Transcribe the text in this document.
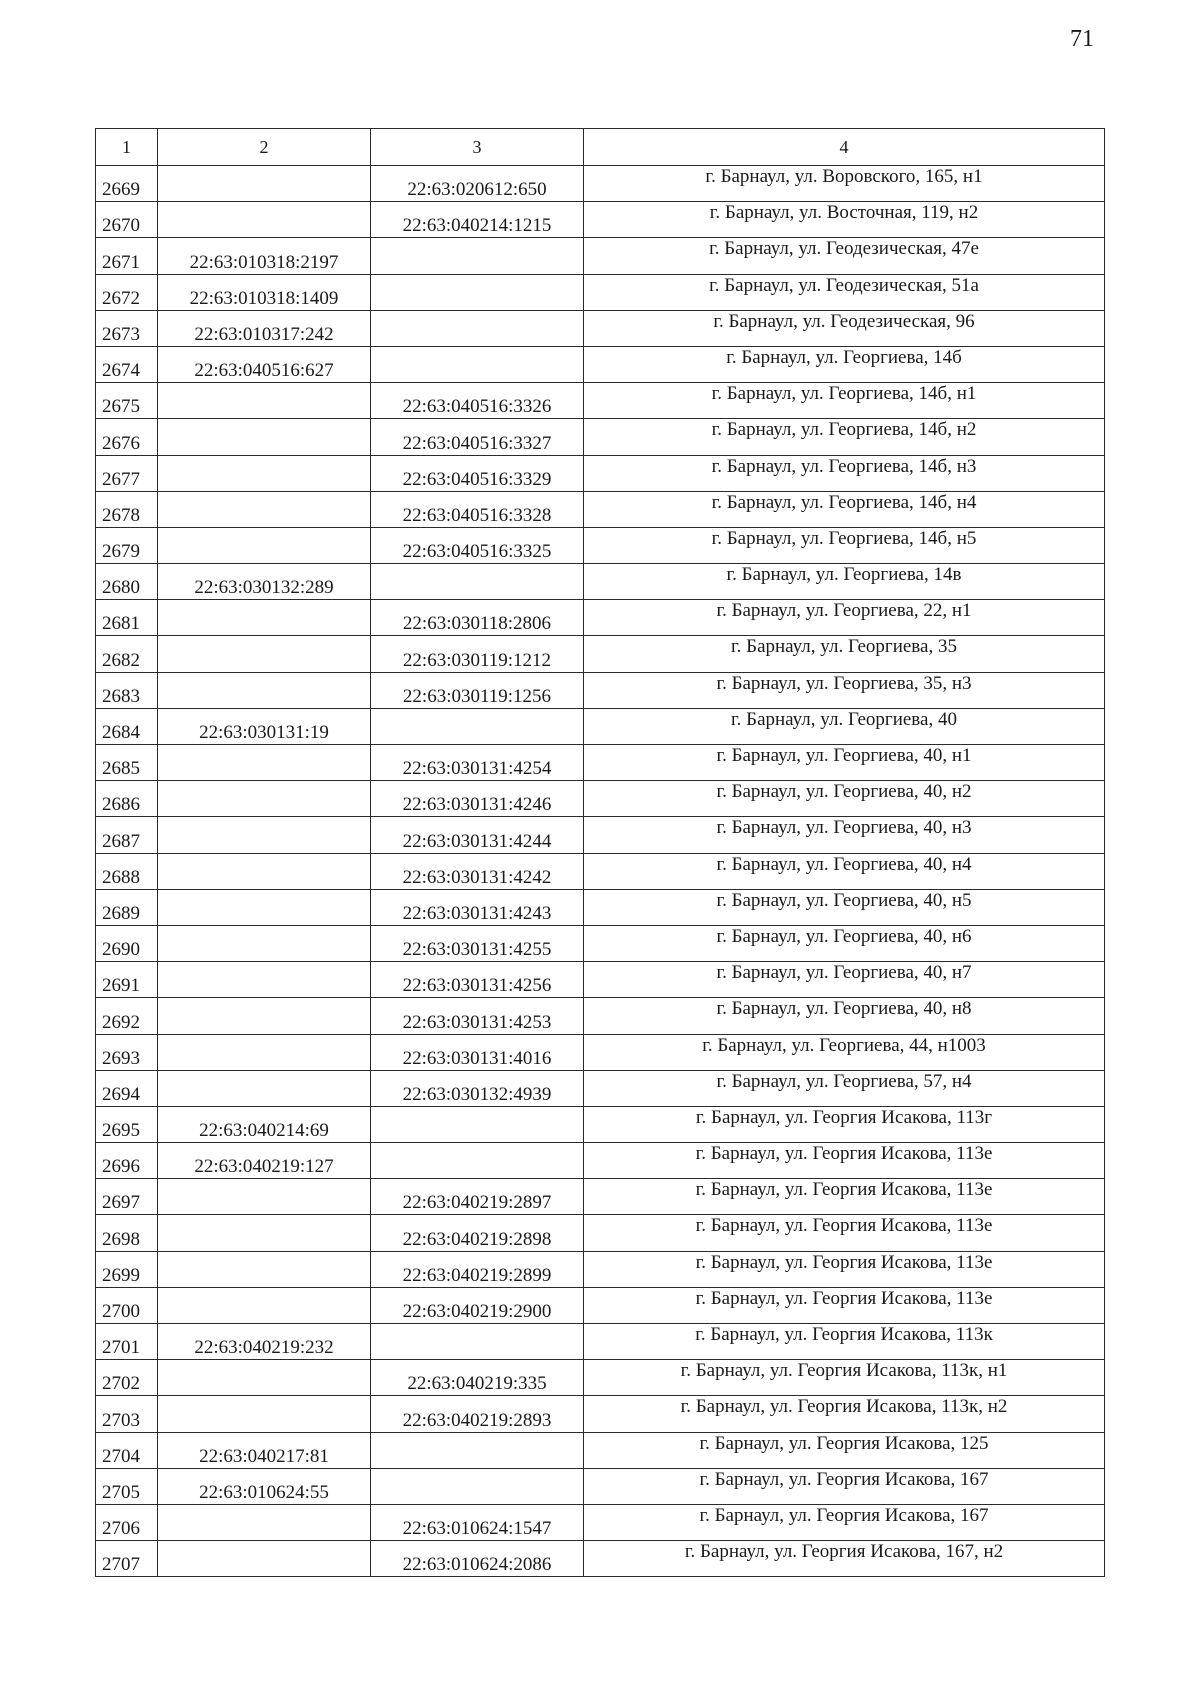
71
1	2	3	4
2669		22:63:020612:650	г. Барнаул, ул. Воровского, 165, н1
2670		22:63:040214:1215	г. Барнаул, ул. Восточная, 119, н2
2671	22:63:010318:2197		г. Барнаул, ул. Геодезическая, 47е
2672	22:63:010318:1409		г. Барнаул, ул. Геодезическая, 51а
2673	22:63:010317:242		г. Барнаул, ул. Геодезическая, 96
2674	22:63:040516:627		г. Барнаул, ул. Георгиева, 14б
2675		22:63:040516:3326	г. Барнаул, ул. Георгиева, 14б, н1
2676		22:63:040516:3327	г. Барнаул, ул. Георгиева, 14б, н2
2677		22:63:040516:3329	г. Барнаул, ул. Георгиева, 14б, н3
2678		22:63:040516:3328	г. Барнаул, ул. Георгиева, 14б, н4
2679		22:63:040516:3325	г. Барнаул, ул. Георгиева, 14б, н5
2680	22:63:030132:289		г. Барнаул, ул. Георгиева, 14в
2681		22:63:030118:2806	г. Барнаул, ул. Георгиева, 22, н1
2682		22:63:030119:1212	г. Барнаул, ул. Георгиева, 35
2683		22:63:030119:1256	г. Барнаул, ул. Георгиева, 35, н3
2684	22:63:030131:19		г. Барнаул, ул. Георгиева, 40
2685		22:63:030131:4254	г. Барнаул, ул. Георгиева, 40, н1
2686		22:63:030131:4246	г. Барнаул, ул. Георгиева, 40, н2
2687		22:63:030131:4244	г. Барнаул, ул. Георгиева, 40, н3
2688		22:63:030131:4242	г. Барнаул, ул. Георгиева, 40, н4
2689		22:63:030131:4243	г. Барнаул, ул. Георгиева, 40, н5
2690		22:63:030131:4255	г. Барнаул, ул. Георгиева, 40, н6
2691		22:63:030131:4256	г. Барнаул, ул. Георгиева, 40, н7
2692		22:63:030131:4253	г. Барнаул, ул. Георгиева, 40, н8
2693		22:63:030131:4016	г. Барнаул, ул. Георгиева, 44, н1003
2694		22:63:030132:4939	г. Барнаул, ул. Георгиева, 57, н4
2695	22:63:040214:69		г. Барнаул, ул. Георгия Исакова, 113г
2696	22:63:040219:127		г. Барнаул, ул. Георгия Исакова, 113е
2697		22:63:040219:2897	г. Барнаул, ул. Георгия Исакова, 113е
2698		22:63:040219:2898	г. Барнаул, ул. Георгия Исакова, 113е
2699		22:63:040219:2899	г. Барнаул, ул. Георгия Исакова, 113е
2700		22:63:040219:2900	г. Барнаул, ул. Георгия Исакова, 113е
2701	22:63:040219:232		г. Барнаул, ул. Георгия Исакова, 113к
2702		22:63:040219:335	г. Барнаул, ул. Георгия Исакова, 113к, н1
2703		22:63:040219:2893	г. Барнаул, ул. Георгия Исакова, 113к, н2
2704	22:63:040217:81		г. Барнаул, ул. Георгия Исакова, 125
2705	22:63:010624:55		г. Барнаул, ул. Георгия Исакова, 167
2706		22:63:010624:1547	г. Барнаул, ул. Георгия Исакова, 167
2707		22:63:010624:2086	г. Барнаул, ул. Георгия Исакова, 167, н2
